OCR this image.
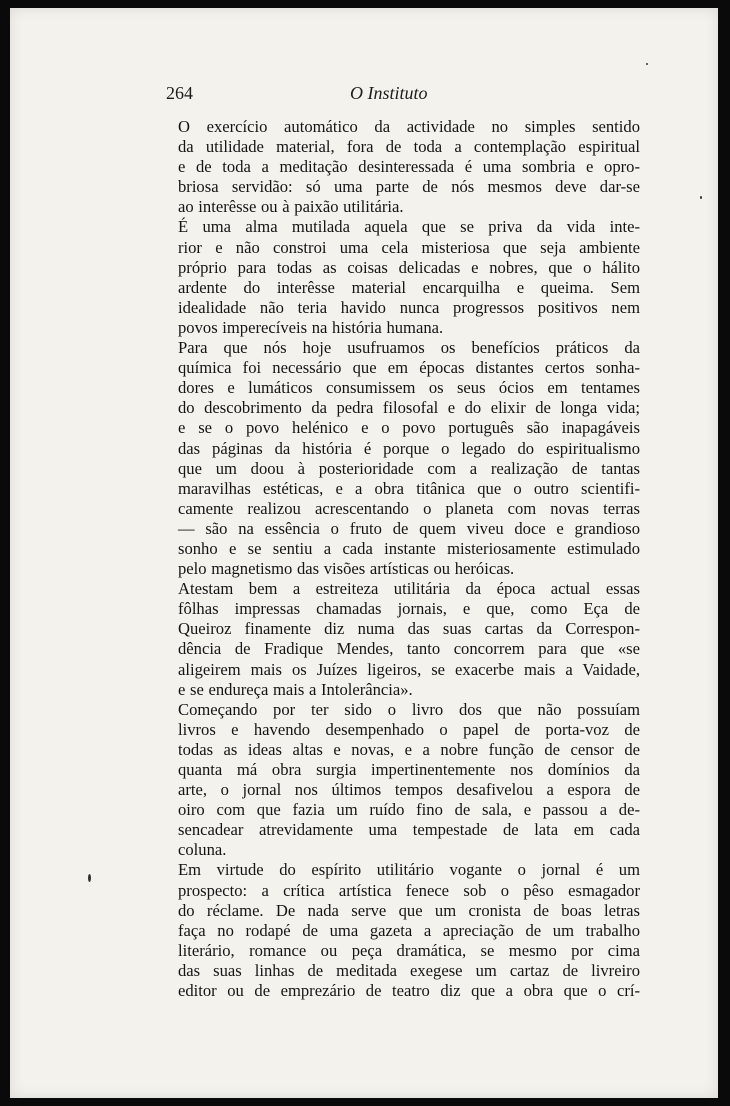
264	O Instituto

O exercício automático da actividade no simples sentido
da utilidade material, fora de toda a contemplação espiritual
e de toda a meditação desinteressada é uma sombria e opro-
briosa servidão: só uma parte de nós mesmos deve dar-se
ao interêsse ou à paixão utilitária.

É uma alma mutilada aquela que se priva da vida inte-
rior e não constroi uma cela misteriosa que seja ambiente
próprio para todas as coisas delicadas e nobres, que o hálito
ardente do interêsse material encarquilha e queima. Sem
idealidade não teria havido nunca progressos positivos nem
povos imperecíveis na história humana.

Para que nós hoje usufruamos os benefícios práticos da
química foi necessário que em épocas distantes certos sonha-
dores e lumáticos consumissem os seus ócios em tentames
do descobrimento da pedra filosofal e do elixir de longa vida;
e se o povo helénico e o povo português são inapagáveis
das páginas da história é porque o legado do espiritualismo
que um doou à posterioridade com a realização de tantas
maravilhas estéticas, e a obra titânica que o outro scientifi-
camente realizou acrescentando o planeta com novas terras
— são na essência o fruto de quem viveu doce e grandioso
sonho e se sentiu a cada instante misteriosamente estimulado
pelo magnetismo das visões artísticas ou heróicas.

Atestam bem a estreiteza utilitária da época actual essas
fôlhas impressas chamadas jornais, e que, como Eça de
Queiroz finamente diz numa das suas cartas da Correspon-
dência de Fradique Mendes, tanto concorrem para que «se
aligeirem mais os Juízes ligeiros, se exacerbe mais a Vaidade,
e se endureça mais a Intolerância».

Começando por ter sido o livro dos que não possuíam
livros e havendo desempenhado o papel de porta-voz de
todas as ideas altas e novas, e a nobre função de censor de
quanta má obra surgia impertinentemente nos domínios da
arte, o jornal nos últimos tempos desafivelou a espora de
oiro com que fazia um ruído fino de sala, e passou a de-
sencadear atrevidamente uma tempestade de lata em cada
coluna.

Em virtude do espírito utilitário vogante o jornal é um
prospecto: a crítica artística fenece sob o pêso esmagador
do réclame. De nada serve que um cronista de boas letras
faça no rodapé de uma gazeta a apreciação de um trabalho
literário, romance ou peça dramática, se mesmo por cima
das suas linhas de meditada exegese um cartaz de livreiro
editor ou de emprezário de teatro diz que a obra que o crí-
